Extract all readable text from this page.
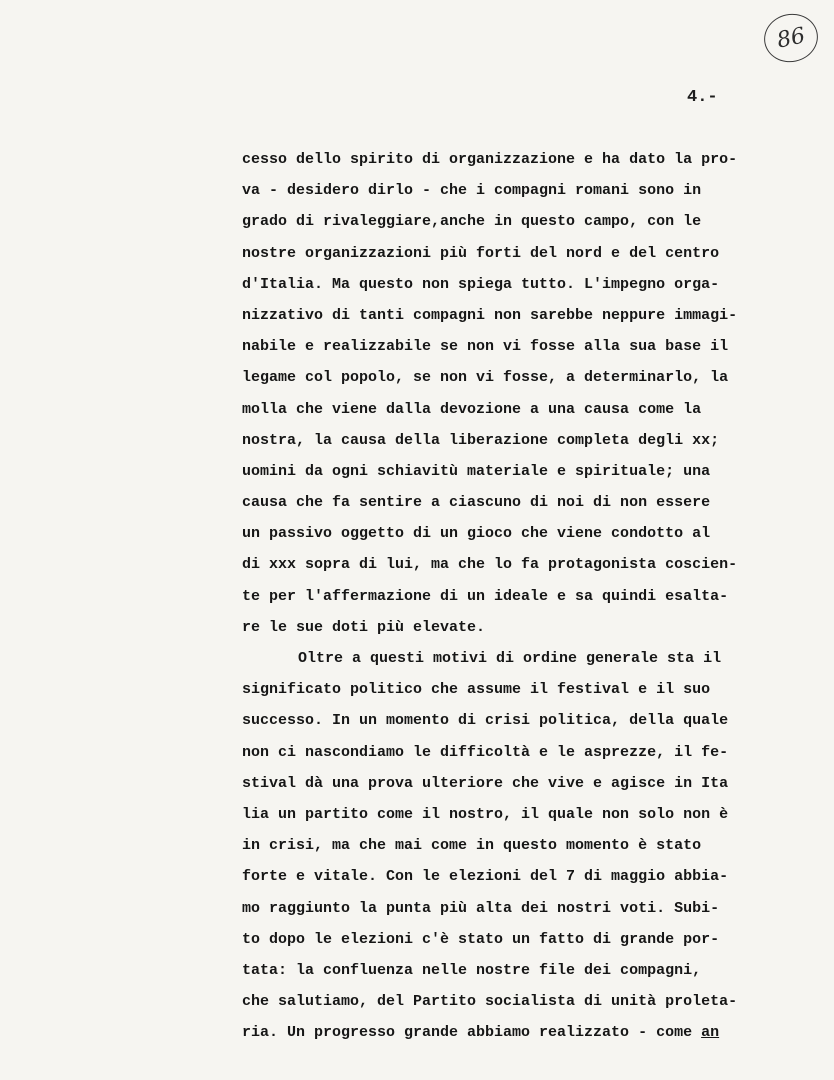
86
4.-
cesso dello spirito di organizzazione e ha dato la pro-
va - desidero dirlo - che i compagni romani sono in
grado di rivaleggiare,anche in questo campo, con le
nostre organizzazioni più forti del nord e del centro
d'Italia. Ma questo non spiega tutto. L'impegno orga-
nizzativo di tanti compagni non sarebbe neppure immagi-
nabile e realizzabile se non vi fosse alla sua base il
legame col popolo, se non vi fosse, a determinarlo, la
molla che viene dalla devozione a una causa come la
nostra, la causa della liberazione completa degli xx;
uomini da ogni schiavitù materiale e spirituale; una
causa che fa sentire a ciascuno di noi di non essere
un passivo oggetto di un gioco che viene condotto al
di xxx sopra di lui, ma che lo fa protagonista coscien-
te per l'affermazione di un ideale e sa quindi esalta-
re le sue doti più elevate.
Oltre a questi motivi di ordine generale sta il
significato politico che assume il festival e il suo
successo. In un momento di crisi politica, della quale
non ci nascondiamo le difficoltà e le asprezze, il fe-
stival dà una prova ulteriore che vive e agisce in Ita
lia un partito come il nostro, il quale non solo non è
in crisi, ma che mai come in questo momento è stato
forte e vitale. Con le elezioni del 7 di maggio abbia-
mo raggiunto la punta più alta dei nostri voti. Subi-
to dopo le elezioni c'è stato un fatto di grande por-
tata: la confluenza nelle nostre file dei compagni,
che salutiamo, del Partito socialista di unità proleta-
ria. Un progresso grande abbiamo realizzato - come an
